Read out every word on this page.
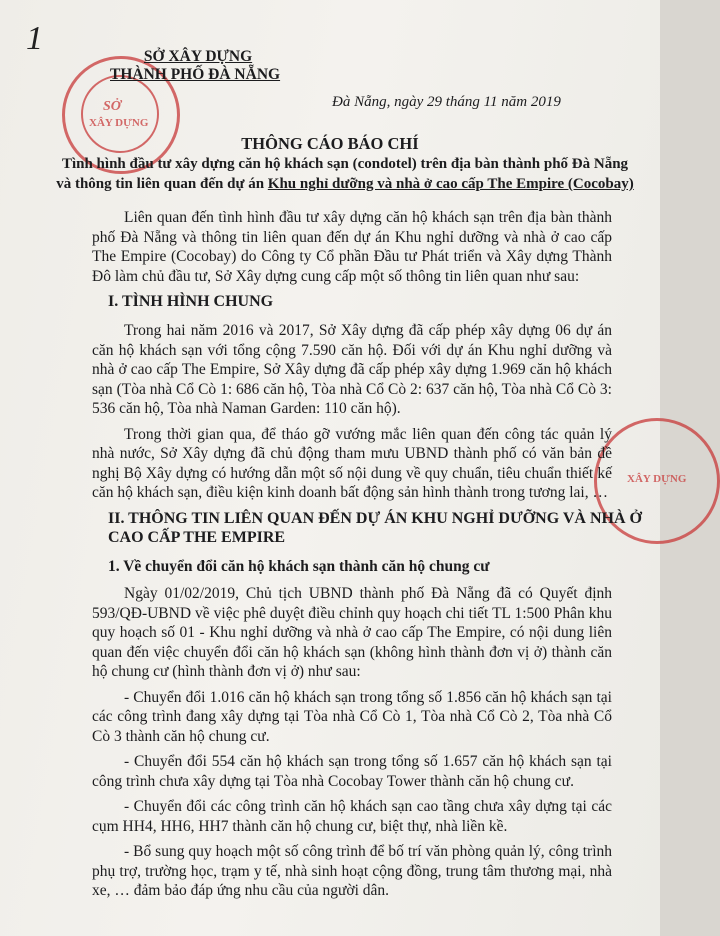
1
SỞ
XÂY DỰNG
SỞ XÂY DỰNG
THÀNH PHỐ ĐÀ NẴNG
XÂY DỰNG
Đà Nẵng, ngày 29 tháng 11 năm 2019
THÔNG CÁO BÁO CHÍ
Tình hình đầu tư xây dựng căn hộ khách sạn (condotel) trên địa bàn thành phố Đà Nẵng
và thông tin liên quan đến dự án Khu nghỉ dưỡng và nhà ở cao cấp The Empire (Cocobay)

Liên quan đến tình hình đầu tư xây dựng căn hộ khách sạn trên địa bàn thành phố Đà Nẵng và thông tin liên quan đến dự án Khu nghỉ dưỡng và nhà ở cao cấp The Empire (Cocobay) do Công ty Cổ phần Đầu tư Phát triển và Xây dựng Thành Đô làm chủ đầu tư, Sở Xây dựng cung cấp một số thông tin liên quan như sau:

I. TÌNH HÌNH CHUNG

Trong hai năm 2016 và 2017, Sở Xây dựng đã cấp phép xây dựng 06 dự án căn hộ khách sạn với tổng cộng 7.590 căn hộ. Đối với dự án Khu nghỉ dưỡng và nhà ở cao cấp The Empire, Sở Xây dựng đã cấp phép xây dựng 1.969 căn hộ khách sạn (Tòa nhà Cổ Cò 1: 686 căn hộ, Tòa nhà Cổ Cò 2: 637 căn hộ, Tòa nhà Cổ Cò 3: 536 căn hộ, Tòa nhà Naman Garden: 110 căn hộ).

Trong thời gian qua, để tháo gỡ vướng mắc liên quan đến công tác quản lý nhà nước, Sở Xây dựng đã chủ động tham mưu UBND thành phố có văn bản đề nghị Bộ Xây dựng có hướng dẫn một số nội dung về quy chuẩn, tiêu chuẩn thiết kế căn hộ khách sạn, điều kiện kinh doanh bất động sản hình thành trong tương lai, …

II. THÔNG TIN LIÊN QUAN ĐẾN DỰ ÁN KHU NGHỈ DƯỠNG VÀ NHÀ Ở CAO CẤP THE EMPIRE
1. Về chuyển đổi căn hộ khách sạn thành căn hộ chung cư

Ngày 01/02/2019, Chủ tịch UBND thành phố Đà Nẵng đã có Quyết định 593/QĐ-UBND về việc phê duyệt điều chỉnh quy hoạch chi tiết TL 1:500 Phân khu quy hoạch số 01 - Khu nghỉ dưỡng và nhà ở cao cấp The Empire, có nội dung liên quan đến việc chuyển đổi căn hộ khách sạn (không hình thành đơn vị ở) thành căn hộ chung cư (hình thành đơn vị ở) như sau:

- Chuyển đổi 1.016 căn hộ khách sạn trong tổng số 1.856 căn hộ khách sạn tại các công trình đang xây dựng tại Tòa nhà Cổ Cò 1, Tòa nhà Cổ Cò 2, Tòa nhà Cổ Cò 3 thành căn hộ chung cư.

- Chuyển đổi 554 căn hộ khách sạn trong tổng số 1.657 căn hộ khách sạn tại công trình chưa xây dựng tại Tòa nhà Cocobay Tower thành căn hộ chung cư.

- Chuyển đổi các công trình căn hộ khách sạn cao tầng chưa xây dựng tại các cụm HH4, HH6, HH7 thành căn hộ chung cư, biệt thự, nhà liền kề.

- Bổ sung quy hoạch một số công trình để bố trí văn phòng quản lý, công trình phụ trợ, trường học, trạm y tế, nhà sinh hoạt cộng đồng, trung tâm thương mại, nhà xe, … đảm bảo đáp ứng nhu cầu của người dân.
